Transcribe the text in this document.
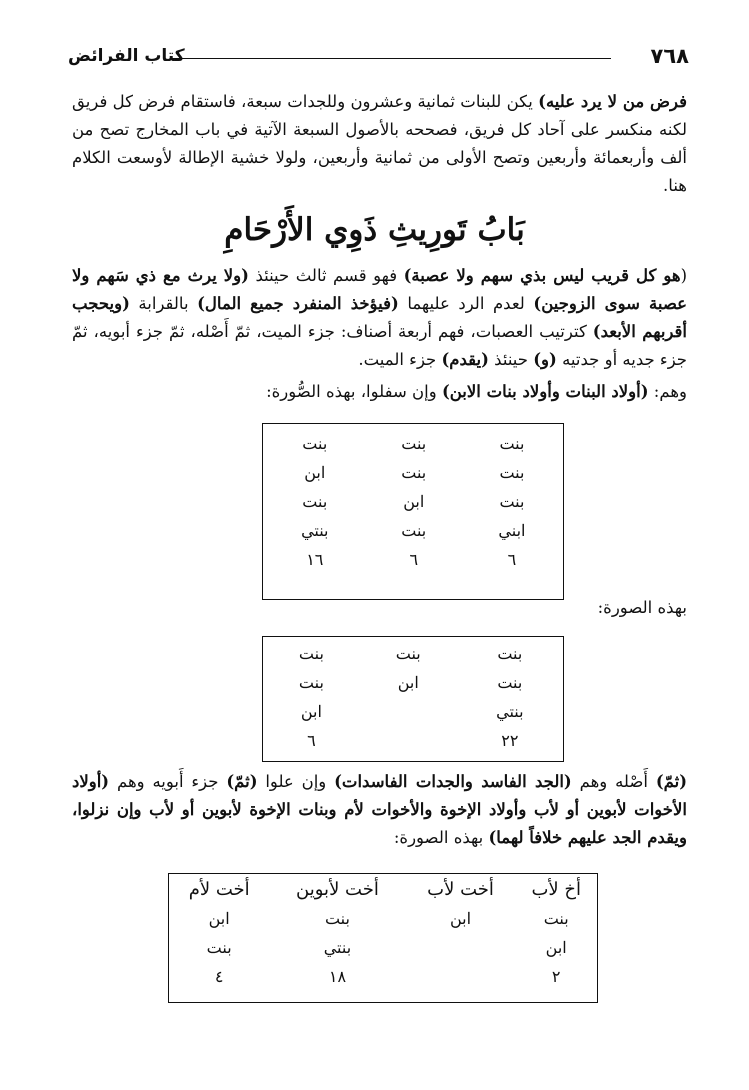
٧٦٨
كتاب الفرائض
فرض من لا يرد عليه) يكن للبنات ثمانية وعشرون وللجدات سبعة، فاستقام فرض كل فريق لكنه منكسر على آحاد كل فريق، فصححه بالأصول السبعة الآتية في باب المخارج تصح من ألف وأربعمائة وأربعين وتصح الأولى من ثمانية وأربعين، ولولا خشية الإطالة لأوسعت الكلام هنا.
بَابُ تَورِيثِ ذَوِي الأَرْحَامِ
(هو كل قريب ليس بذي سهم ولا عصبة) فهو قسم ثالث حينئذ (ولا يرث مع ذي سَهم ولا عصبة سوى الزوجين) لعدم الرد عليهما (فيؤخذ المنفرد جميع المال) بالقرابة (ويحجب أقربهم الأبعد) كترتيب العصبات، فهم أربعة أصناف: جزء الميت، ثمّ أَصْله، ثمّ جزء أبويه، ثمّ جزء جديه أو جدتيه (و) حينئذ (يقدم) جزء الميت.
وهم: (أولاد البنات وأولاد بنات الابن) وإن سفلوا، بهذه الصُّورة:
بنت	بنت	بنت
بنت	بنت	ابن
بنت	ابن	بنت
ابني	بنت	بنتي
٦	٦	١٦
بهذه الصورة:
بنت	بنت	بنت
بنت	ابن	بنت
بنتي		ابن
٢٢		٦
(ثمّ) أَصْله وهم (الجد الفاسد والجدات الفاسدات) وإن علوا (ثمّ) جزء أَبويه وهم (أولاد الأخوات لأبوين أو لأب وأولاد الإخوة والأخوات لأم وبنات الإخوة لأبوين أو لأب وإن نزلوا، ويقدم الجد عليهم خلافاً لهما) بهذه الصورة:
أخ لأب	أخت لأب	أخت لأبوين	أخت لأم
بنت	ابن	بنت	ابن
ابن		بنتي	بنت
٢		١٨	٤
